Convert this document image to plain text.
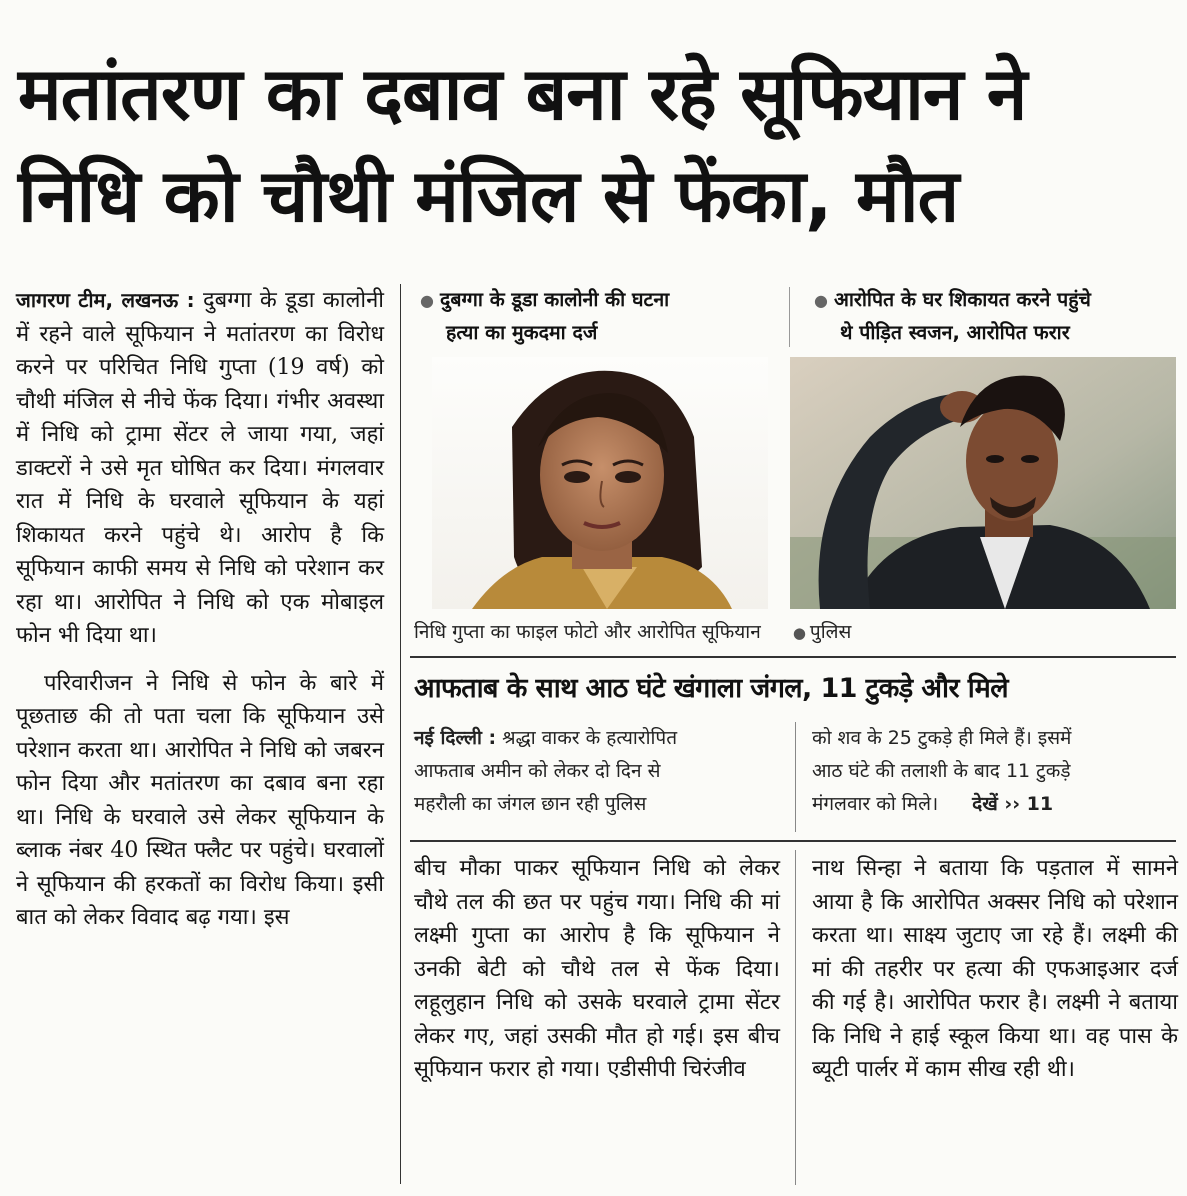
मतांतरण का दबाव बना रहे सूफियान ने
निधि को चौथी मंजिल से फेंका, मौत

जागरण टीम, लखनऊ : दुबग्गा के डूडा कालोनी में रहने वाले सूफियान ने मतांतरण का विरोध करने पर परिचित निधि गुप्ता (19 वर्ष) को चौथी मंजिल से नीचे फेंक दिया। गंभीर अवस्था में निधि को ट्रामा सेंटर ले जाया गया, जहां डाक्टरों ने उसे मृत घोषित कर दिया। मंगलवार रात में निधि के घरवाले सूफियान के यहां शिकायत करने पहुंचे थे। आरोप है कि सूफियान काफी समय से निधि को परेशान कर रहा था। आरोपित ने निधि को एक मोबाइल फोन भी दिया था।

परिवारीजन ने निधि से फोन के बारे में पूछताछ की तो पता चला कि सूफियान उसे परेशान करता था। आरोपित ने निधि को जबरन फोन दिया और मतांतरण का दबाव बना रहा था। निधि के घरवाले उसे लेकर सूफियान के ब्लाक नंबर 40 स्थित फ्लैट पर पहुंचे। घरवालों ने सूफियान की हरकतों का विरोध किया। इसी बात को लेकर विवाद बढ़ गया। इस

● दुबग्गा के डूडा कालोनी की घटना
हत्या का मुकदमा दर्ज
● आरोपित के घर शिकायत करने पहुंचे
थे पीड़ित स्वजन, आरोपित फरार
निधि गुप्ता का फाइल फोटो और आरोपित सूफियान ● पुलिस
आफताब के साथ आठ घंटे खंगाला जंगल, 11 टुकड़े और मिले
नई दिल्ली : श्रद्धा वाकर के हत्यारोपित
आफताब अमीन को लेकर दो दिन से
महरौली का जंगल छान रही पुलिस
को शव के 25 टुकड़े ही मिले हैं। इसमें
आठ घंटे की तलाशी के बाद 11 टुकड़े
मंगलवार को मिले। देखें ›› 11

बीच मौका पाकर सूफियान निधि को लेकर चौथे तल की छत पर पहुंच गया। निधि की मां लक्ष्मी गुप्ता का आरोप है कि सूफियान ने उनकी बेटी को चौथे तल से फेंक दिया। लहूलुहान निधि को उसके घरवाले ट्रामा सेंटर लेकर गए, जहां उसकी मौत हो गई। इस बीच सूफियान फरार हो गया। एडीसीपी चिरंजीव

नाथ सिन्हा ने बताया कि पड़ताल में सामने आया है कि आरोपित अक्सर निधि को परेशान करता था। साक्ष्य जुटाए जा रहे हैं। लक्ष्मी की मां की तहरीर पर हत्या की एफआइआर दर्ज की गई है। आरोपित फरार है। लक्ष्मी ने बताया कि निधि ने हाई स्कूल किया था। वह पास के ब्यूटी पार्लर में काम सीख रही थी।
